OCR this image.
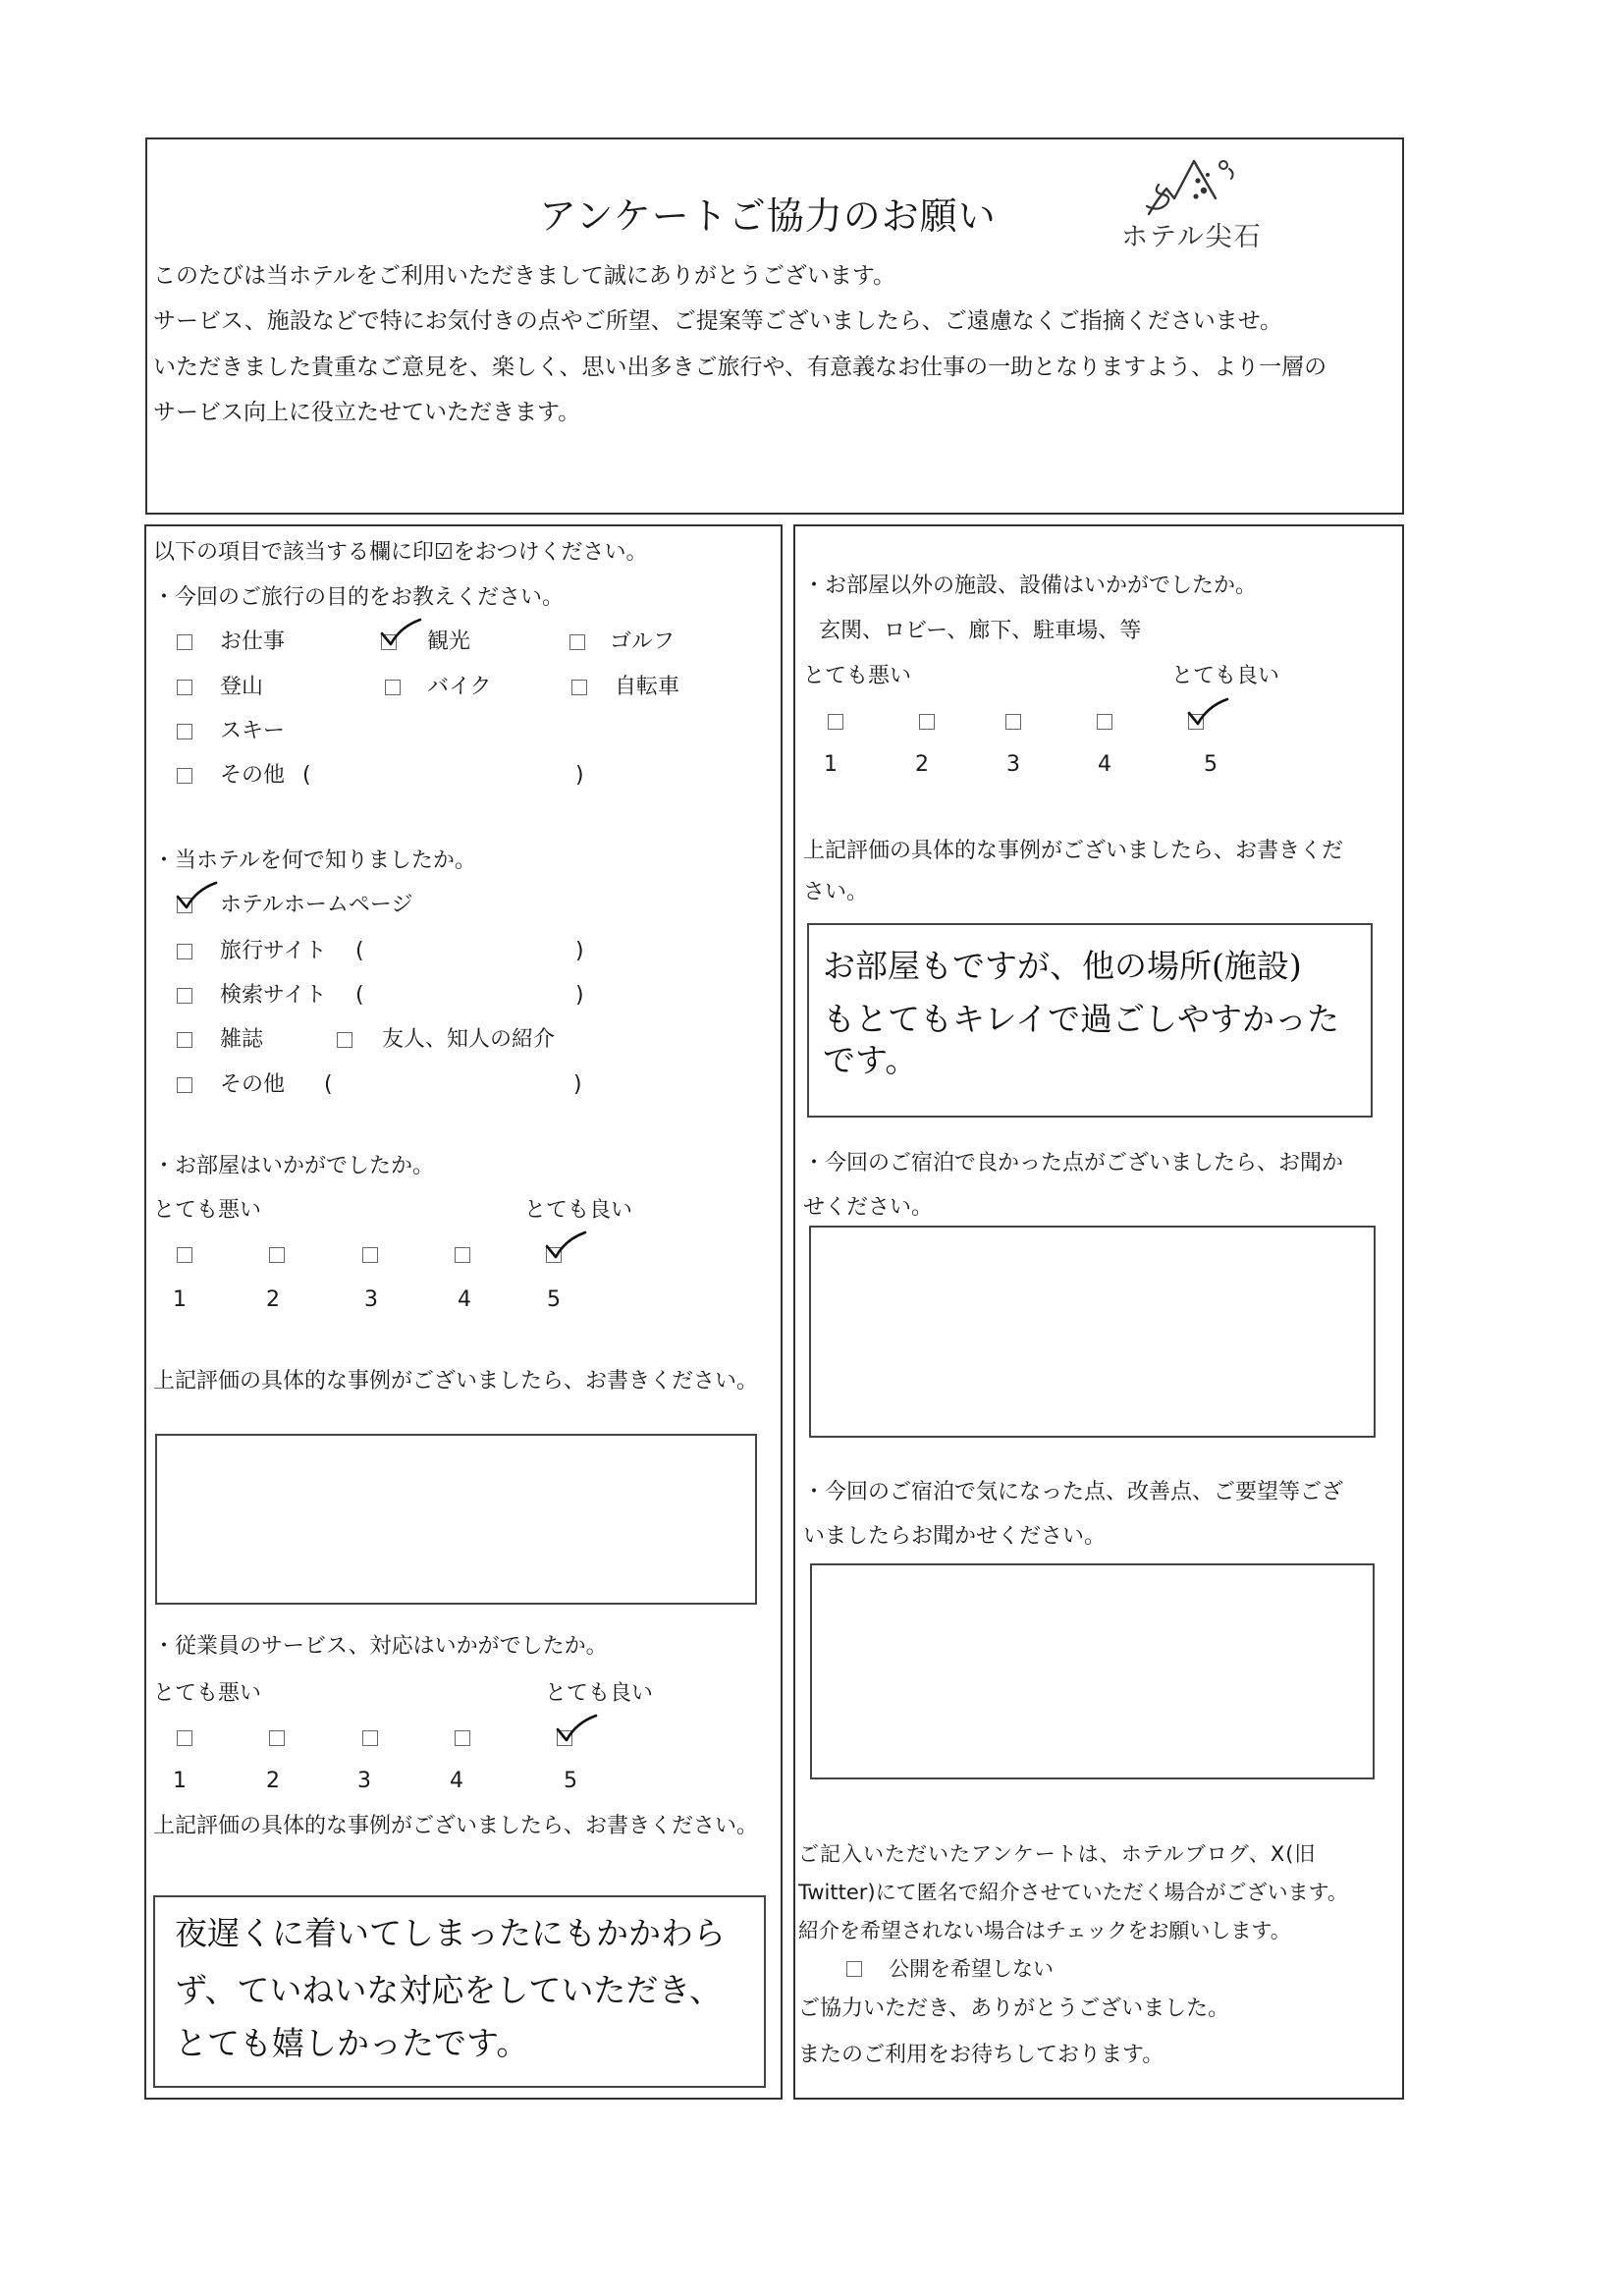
アンケートご協力のお願い	ホテル尖石
このたびは当ホテルをご利用いただきまして誠にありがとうございます。
サービス、施設などで特にお気付きの点やご所望、ご提案等ございましたら、ご遠慮なくご指摘くださいませ。
いただきました貴重なご意見を、楽しく、思い出多きご旅行や、有意義なお仕事の一助となりますよう、より一層の
サービス向上に役立たせていただきます。
以下の項目で該当する欄に印☑をおつけください。
・今回のご旅行の目的をお教えください。
お仕事	観光	ゴルフ
登山	バイク	自転車
スキー
その他 (	)
・当ホテルを何で知りましたか。
ホテルホームページ
旅行サイト (	)
検索サイト (	)
雑誌	友人、知人の紹介
その他 (	)
・お部屋はいかがでしたか。
とても悪い	とても良い
1	2	3	4	5
上記評価の具体的な事例がございましたら、お書きください。
・従業員のサービス、対応はいかがでしたか。
とても悪い	とても良い
1	2	3	4	5
上記評価の具体的な事例がございましたら、お書きください。
夜遅くに着いてしまったにもかかわら
ず、ていねいな対応をしていただき、
とても嬉しかったです。
・お部屋以外の施設、設備はいかがでしたか。
玄関、ロビー、廊下、駐車場、等
とても悪い	とても良い
1	2	3	4	5
上記評価の具体的な事例がございましたら、お書きくだ
さい。
お部屋もですが、他の場所(施設)
もとてもキレイで過ごしやすかった
です。
・今回のご宿泊で良かった点がございましたら、お聞か
せください。
・今回のご宿泊で気になった点、改善点、ご要望等ござ
いましたらお聞かせください。
ご記入いただいたアンケートは、ホテルブログ、X(旧
Twitter)にて匿名で紹介させていただく場合がございます。
紹介を希望されない場合はチェックをお願いします。
公開を希望しない
ご協力いただき、ありがとうございました。
またのご利用をお待ちしております。
